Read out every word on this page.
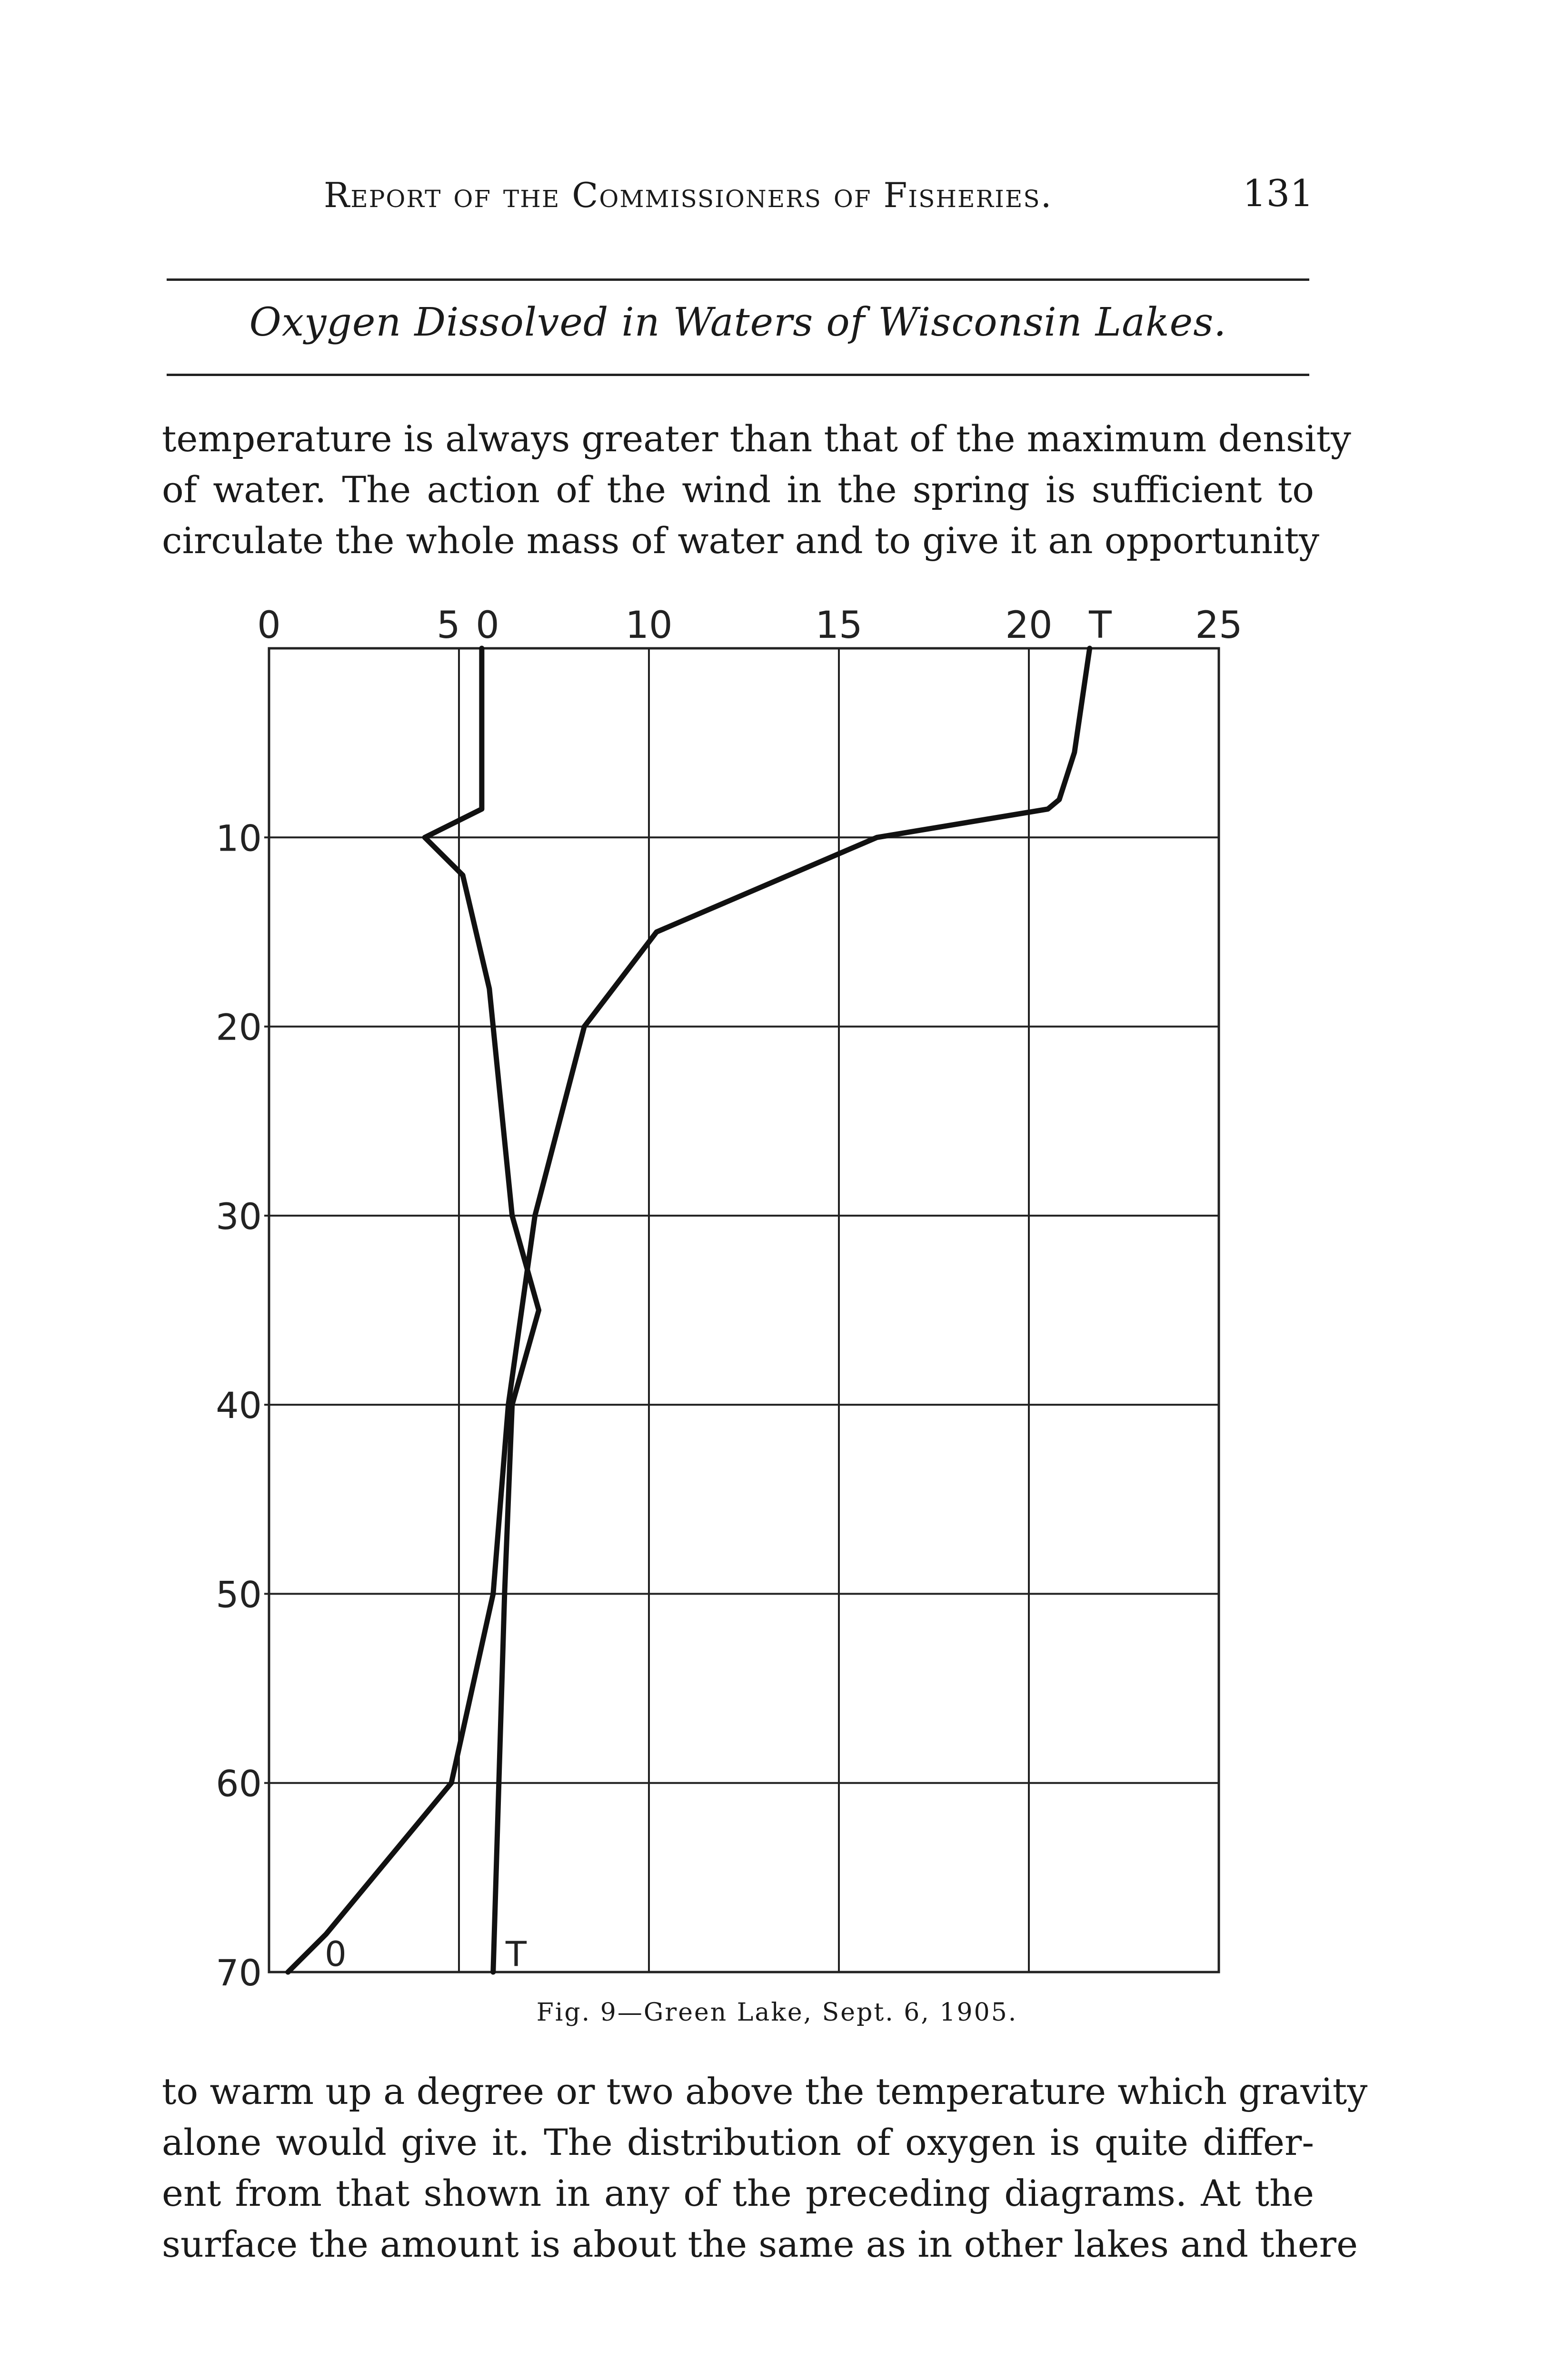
Report of the Commissioners of Fisheries.	131
Oxygen Dissolved in Waters of Wisconsin Lakes.

temperature is always greater than that of the maximum density

of water. The action of the wind in the spring is sufficient to

circulate the whole mass of water and to give it an opportunity

0	5 0	10	15	20 T 25
10
20
30
40
50
60
70 0	T
Fig. 9—Green Lake, Sept. 6, 1905.

to warm up a degree or two above the temperature which gravity

alone would give it. The distribution of oxygen is quite differ-

ent from that shown in any of the preceding diagrams. At the

surface the amount is about the same as in other lakes and there
